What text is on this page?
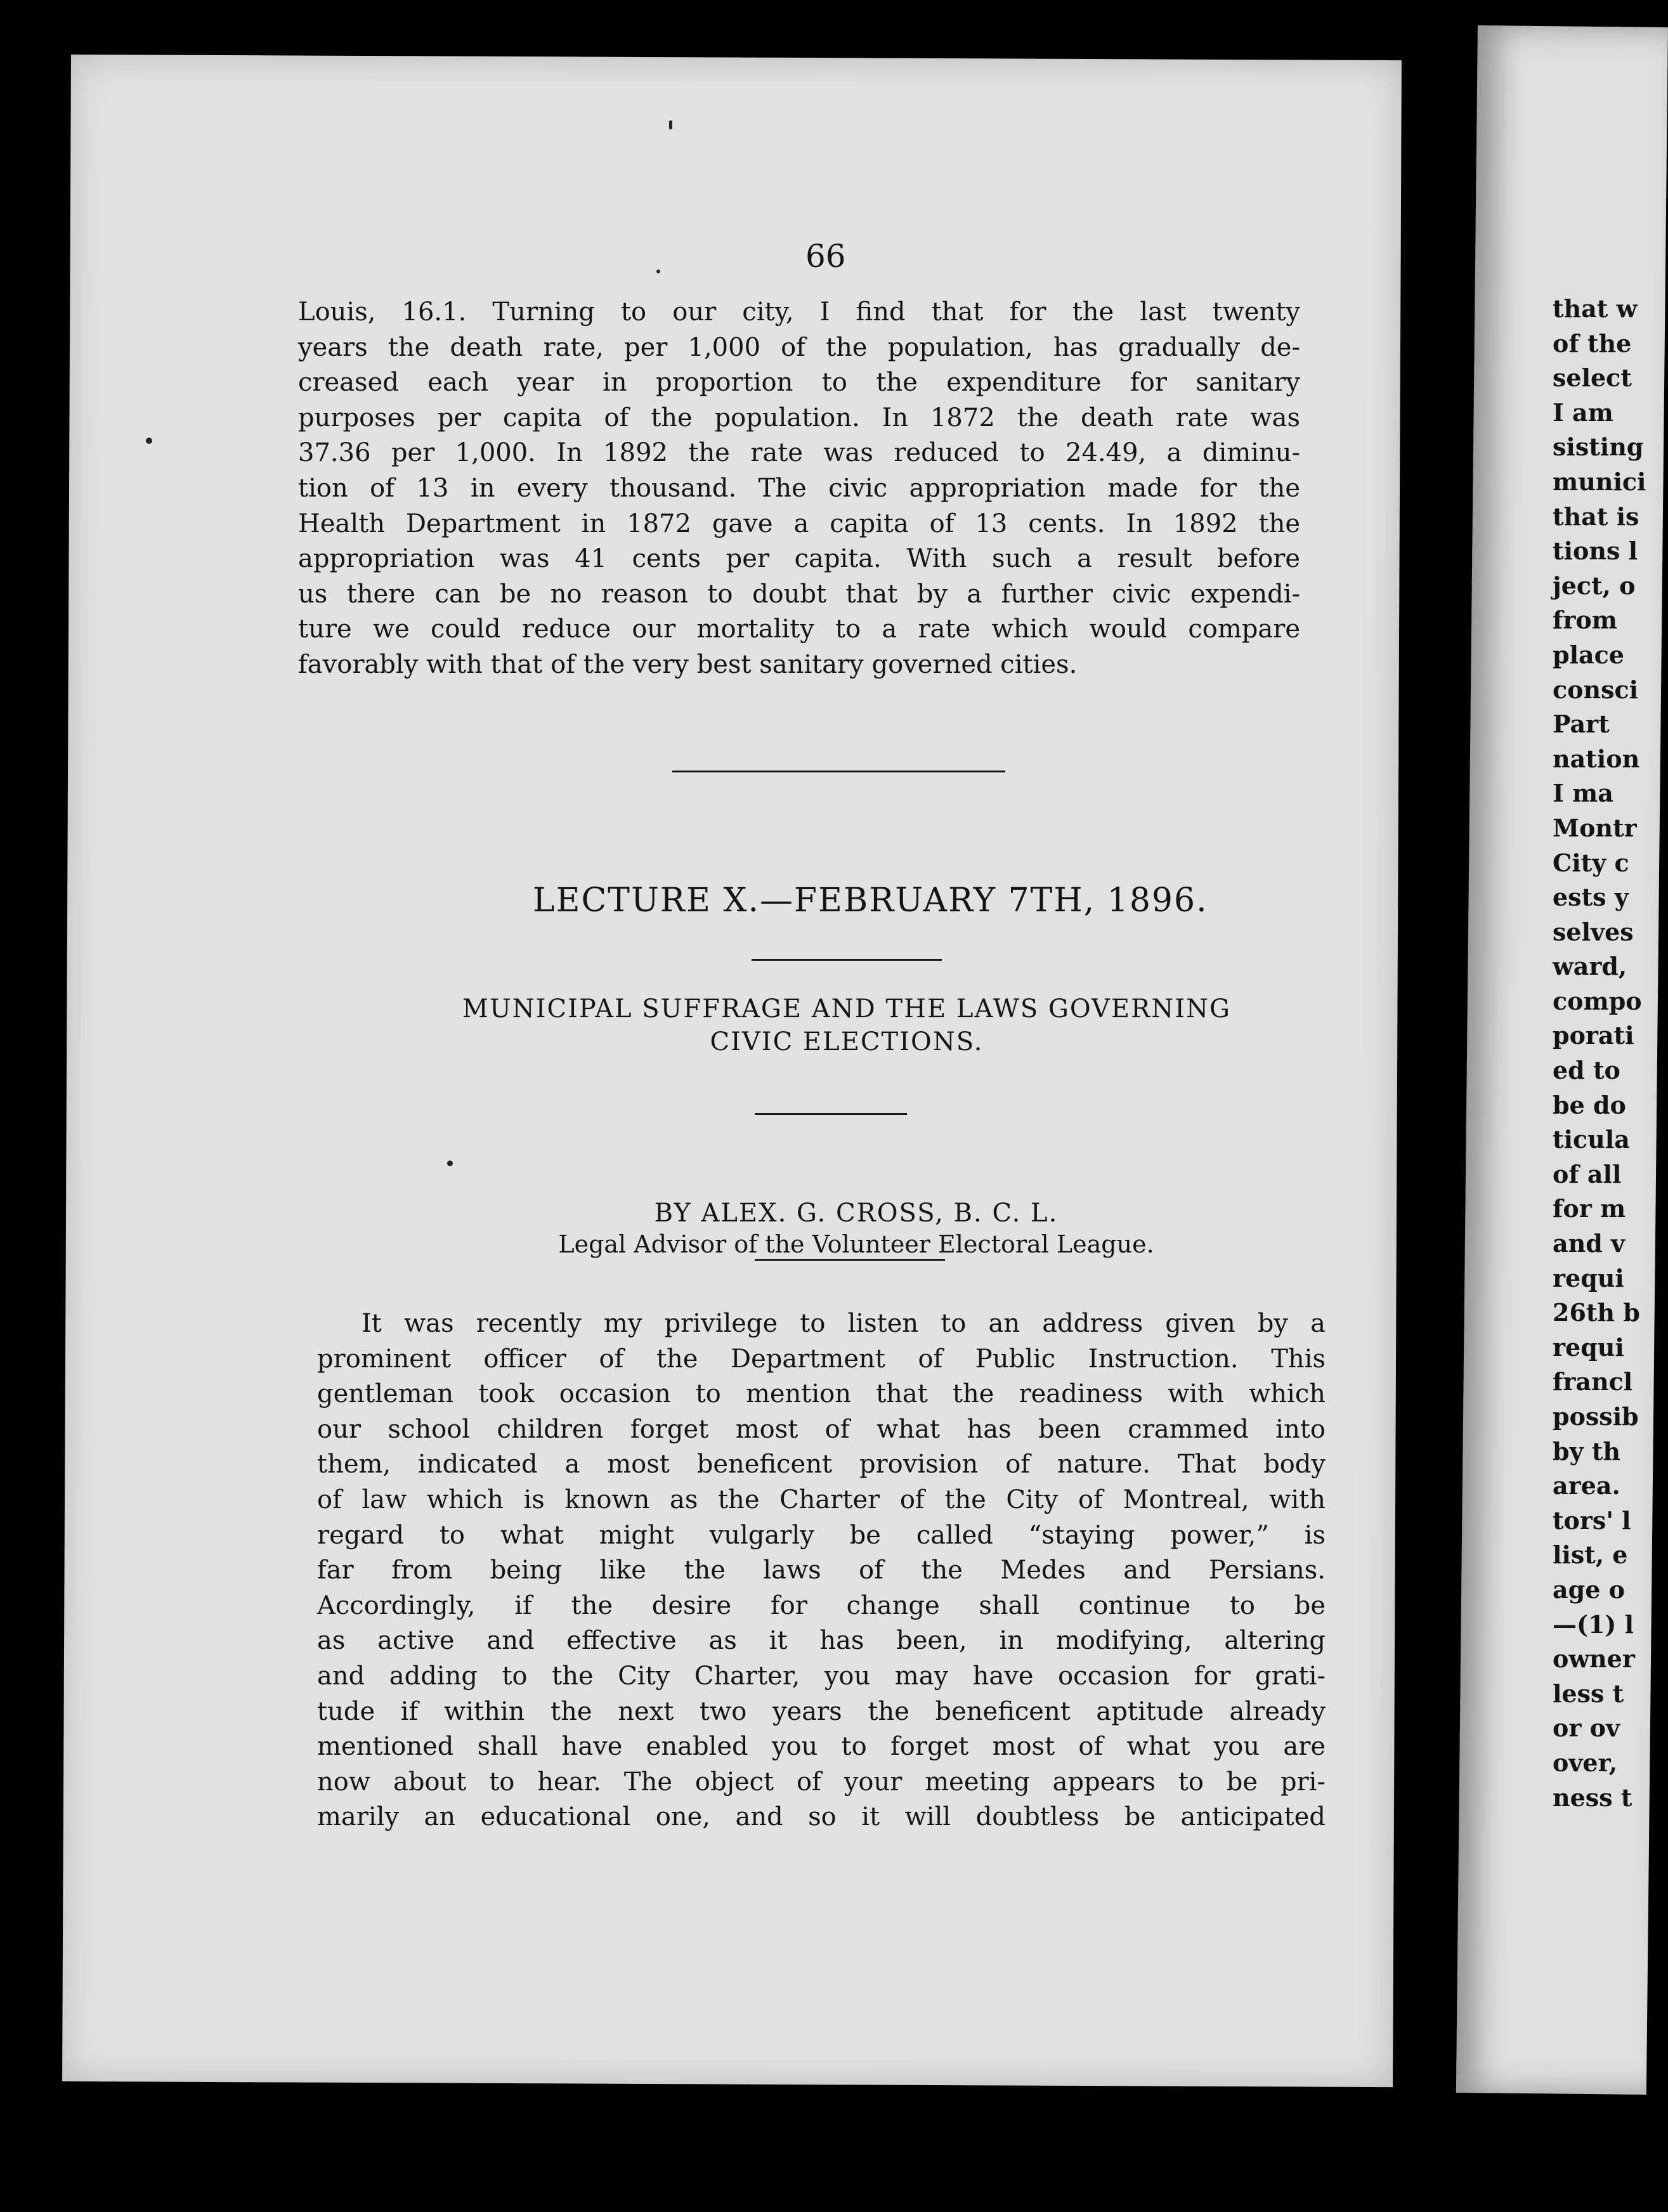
66
Louis, 16.1. Turning to our city, I find that for the last twenty
years the death rate, per 1,000 of the population, has gradually de-
creased each year in proportion to the expenditure for sanitary
purposes per capita of the population. In 1872 the death rate was
37.36 per 1,000. In 1892 the rate was reduced to 24.49, a diminu-
tion of 13 in every thousand. The civic appropriation made for the
Health Department in 1872 gave a capita of 13 cents. In 1892 the
appropriation was 41 cents per capita. With such a result before
us there can be no reason to doubt that by a further civic expendi-
ture we could reduce our mortality to a rate which would compare
favorably with that of the very best sanitary governed cities.
LECTURE X.—FEBRUARY 7TH, 1896.
MUNICIPAL SUFFRAGE AND THE LAWS GOVERNING
CIVIC ELECTIONS.
BY ALEX. G. CROSS, B. C. L.
Legal Advisor of the Volunteer Electoral League.
It was recently my privilege to listen to an address given by a
prominent officer of the Department of Public Instruction. This
gentleman took occasion to mention that the readiness with which
our school children forget most of what has been crammed into
them, indicated a most beneficent provision of nature. That body
of law which is known as the Charter of the City of Montreal, with
regard to what might vulgarly be called “staying power,” is
far from being like the laws of the Medes and Persians.
Accordingly, if the desire for change shall continue to be
as active and effective as it has been, in modifying, altering
and adding to the City Charter, you may have occasion for grati-
tude if within the next two years the beneficent aptitude already
mentioned shall have enabled you to forget most of what you are
now about to hear. The object of your meeting appears to be pri-
marily an educational one, and so it will doubtless be anticipated
that w
of the
select
I am
sisting
munici
that is
tions l
ject, o
from
place
consci
Part
nation
I ma
Montr
City c
ests y
selves
ward,
compo
porati
ed to
be do
ticula
of all
for m
and v
requi
26th b
requi
francl
possib
by th
area.
tors' l
list, e
age o
—(1) l
owner
less t
or ov
over,
ness t
